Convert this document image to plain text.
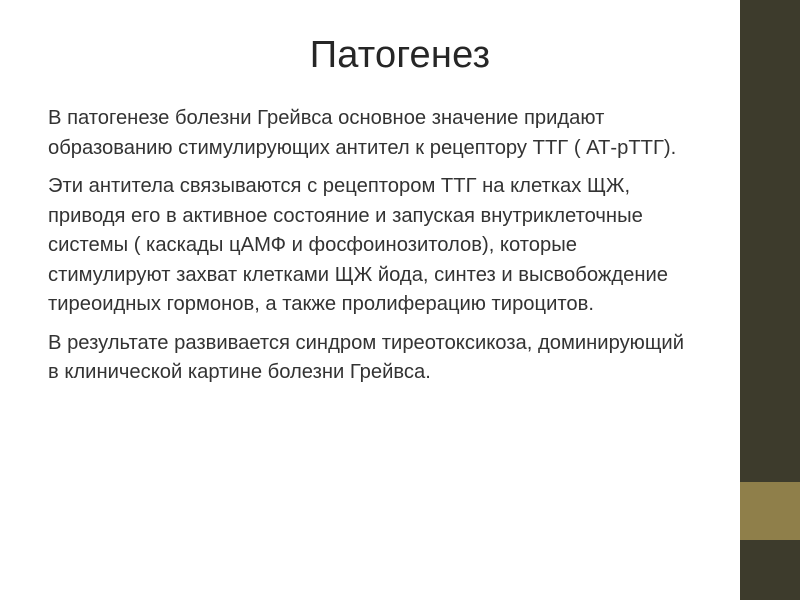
Патогенез

В патогенезе болезни Грейвса основное значение придают образованию стимулирующих антител к рецептору ТТГ ( АТ-рТТГ).

Эти антитела связываются с рецептором ТТГ на клетках ЩЖ, приводя его в активное состояние и запуская внутриклеточные системы ( каскады цАМФ и фосфоинозитолов), которые стимулируют захват клетками ЩЖ йода, синтез и высвобождение тиреоидных гормонов, а также пролиферацию тироцитов.

В результате развивается синдром тиреотоксикоза, доминирующий в клинической картине болезни Грейвса.
